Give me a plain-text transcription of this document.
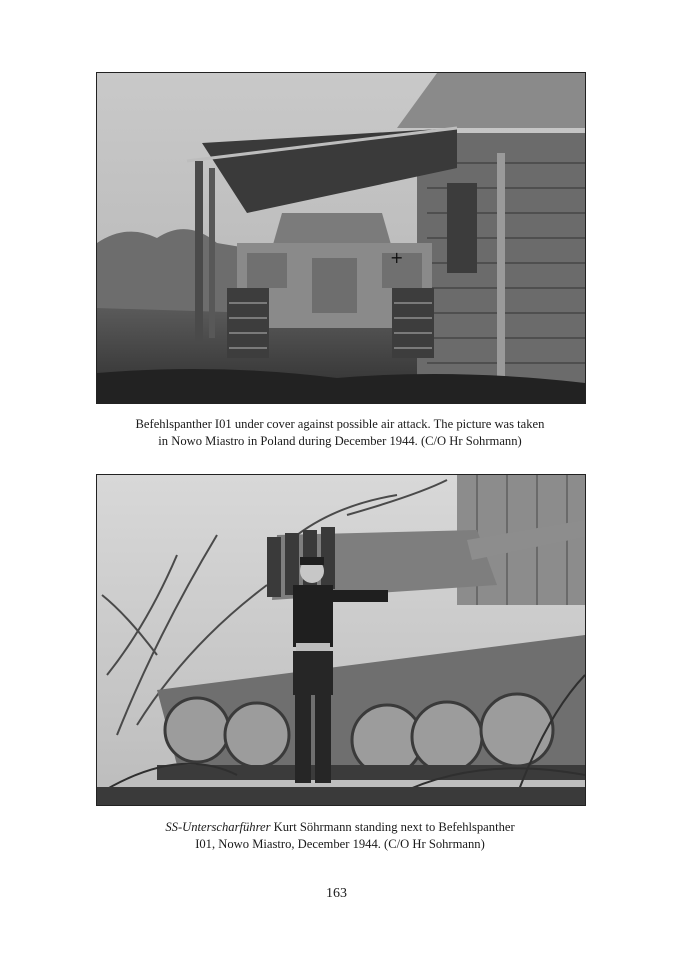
+
Befehlspanther I01 under cover against possible air attack. The picture was taken
in Nowo Miastro in Poland during December 1944. (C/O Hr Sohrmann)
SS-Unterscharführer Kurt Söhrmann standing next to Befehlspanther
I01, Nowo Miastro, December 1944. (C/O Hr Sohrmann)
163
